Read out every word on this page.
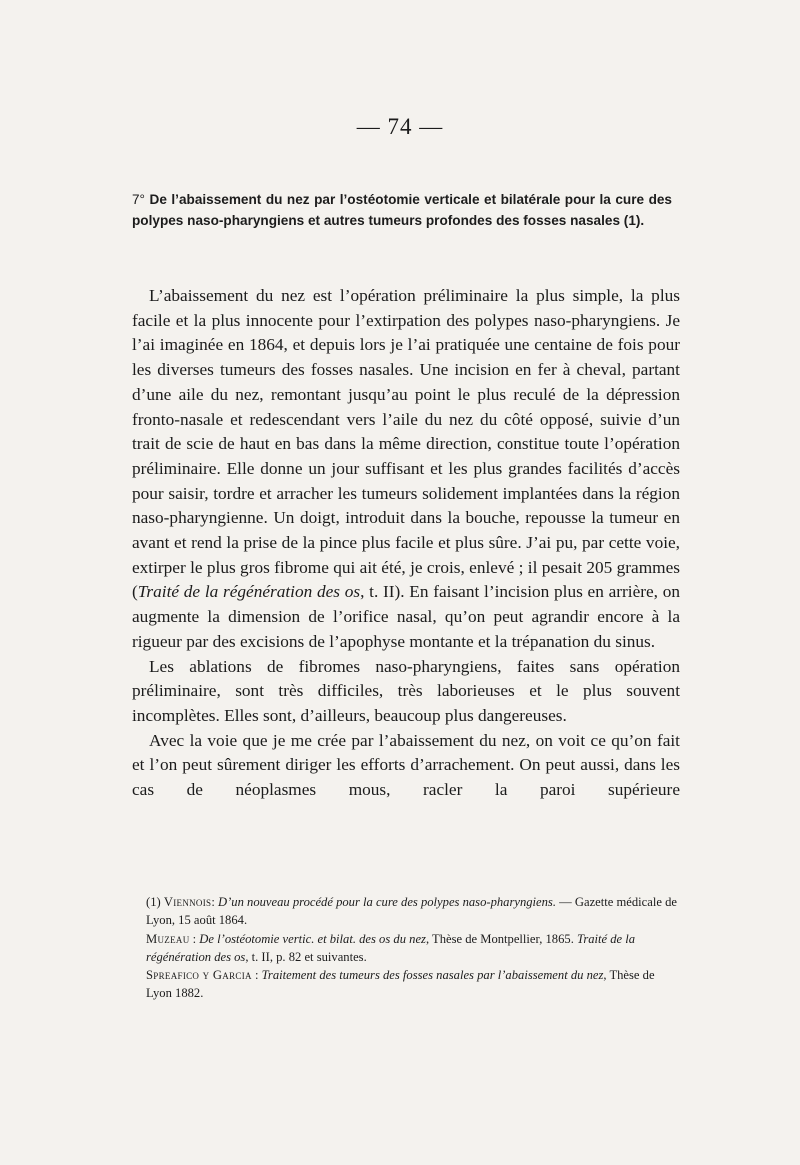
— 74 —
7° De l’abaissement du nez par l’ostéotomie verticale et bilatérale pour la cure des polypes naso-pharyngiens et autres tumeurs profondes des fosses nasales (1).

L’abaissement du nez est l’opération préliminaire la plus simple, la plus facile et la plus innocente pour l’extirpation des polypes naso-pharyngiens. Je l’ai imaginée en 1864, et depuis lors je l’ai pratiquée une centaine de fois pour les diverses tumeurs des fosses nasales. Une incision en fer à cheval, partant d’une aile du nez, remontant jusqu’au point le plus reculé de la dépression fronto-nasale et redescendant vers l’aile du nez du côté opposé, suivie d’un trait de scie de haut en bas dans la même direction, constitue toute l’opération préliminaire. Elle donne un jour suffisant et les plus grandes facilités d’accès pour saisir, tordre et arracher les tumeurs solidement implantées dans la région naso-pharyngienne. Un doigt, introduit dans la bouche, repousse la tumeur en avant et rend la prise de la pince plus facile et plus sûre. J’ai pu, par cette voie, extirper le plus gros fibrome qui ait été, je crois, enlevé ; il pesait 205 grammes (Traité de la régénération des os, t. II). En faisant l’incision plus en arrière, on augmente la dimension de l’orifice nasal, qu’on peut agrandir encore à la rigueur par des excisions de l’apophyse montante et la trépanation du sinus.

Les ablations de fibromes naso-pharyngiens, faites sans opération préliminaire, sont très difficiles, très laborieuses et le plus souvent incomplètes. Elles sont, d’ailleurs, beaucoup plus dangereuses.

Avec la voie que je me crée par l’abaissement du nez, on voit ce qu’on fait et l’on peut sûrement diriger les efforts d’arrachement. On peut aussi, dans les cas de néoplasmes mous, racler la paroi supérieure

(1) Viennois: D’un nouveau procédé pour la cure des polypes naso-pharyngiens. — Gazette médicale de Lyon, 15 août 1864.

Muzeau : De l’ostéotomie vertic. et bilat. des os du nez, Thèse de Montpellier, 1865. Traité de la régénération des os, t. II, p. 82 et suivantes.

Spreafico y Garcia : Traitement des tumeurs des fosses nasales par l’abaissement du nez, Thèse de Lyon 1882.
